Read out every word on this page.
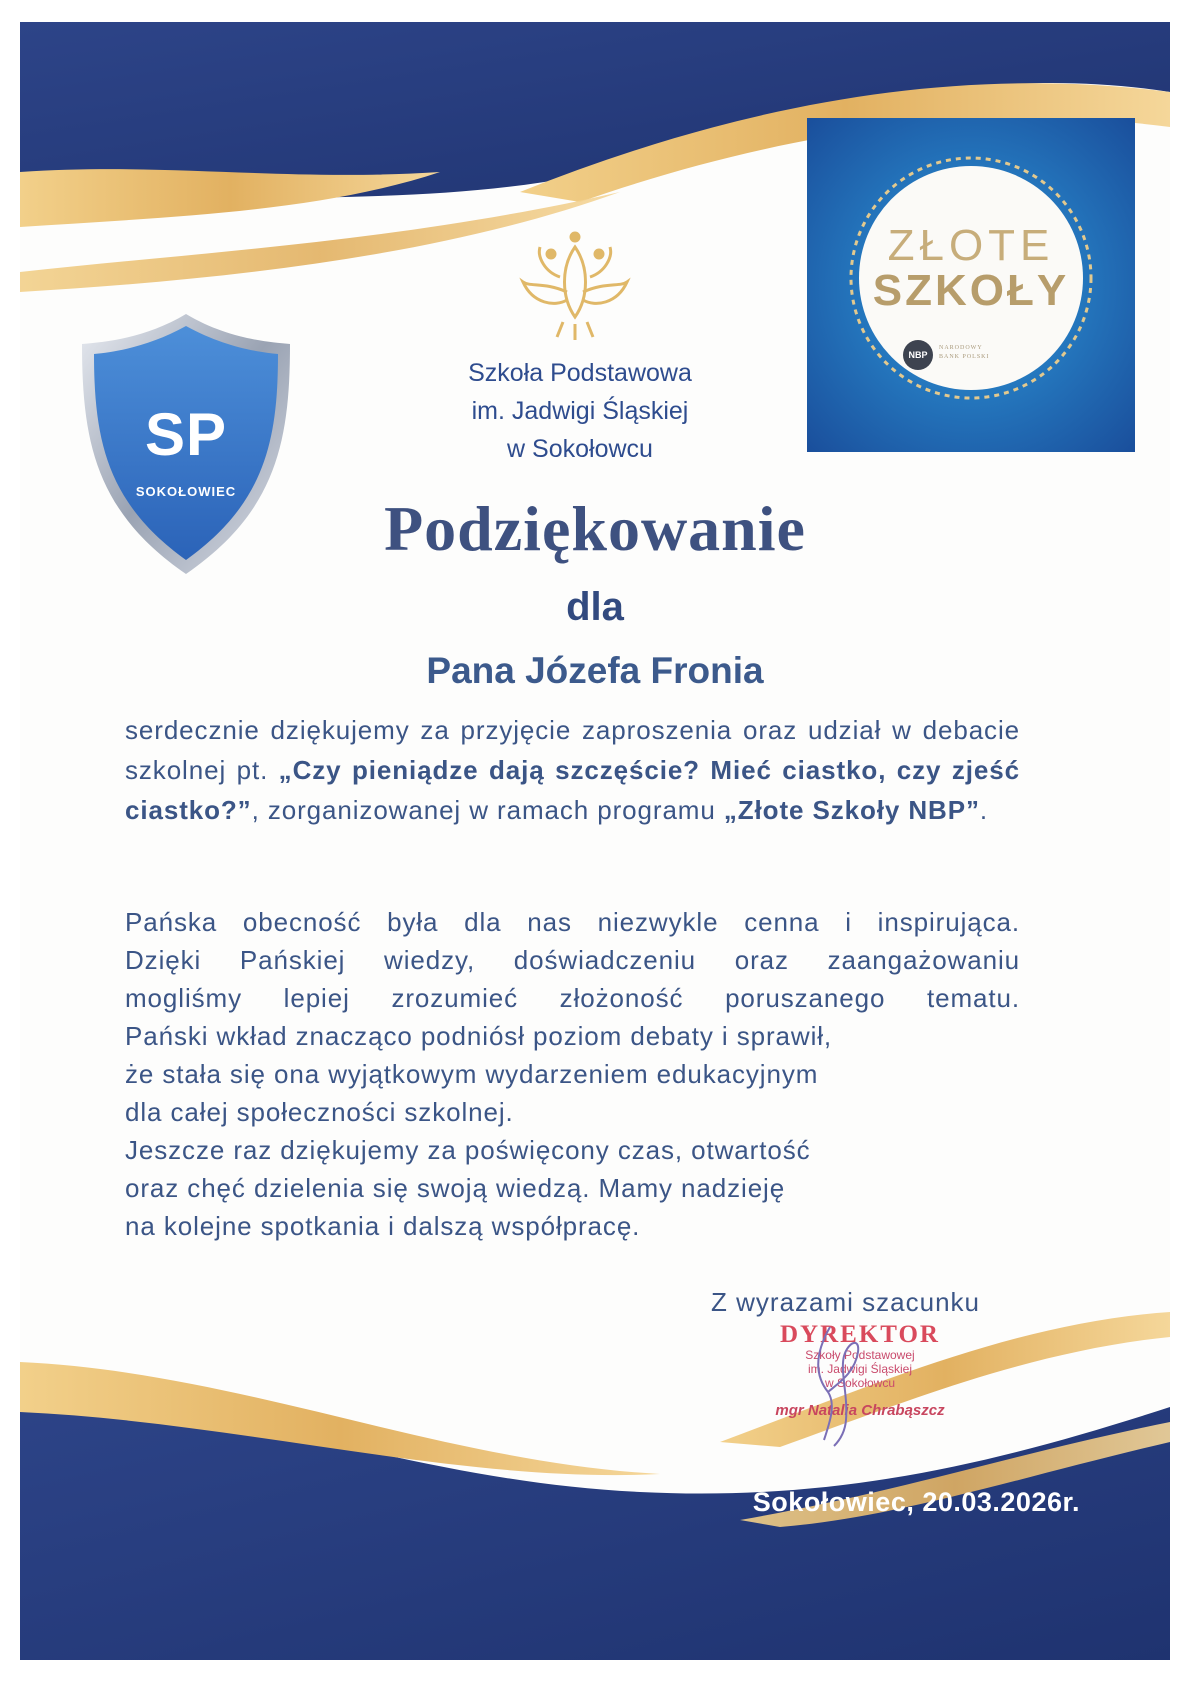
SP
SOKOŁOWIEC
Szkoła Podstawowa
im. Jadwigi Śląskiej
w Sokołowcu
ZŁOTE
SZKOŁY
NBP
NARODOWY
BANK POLSKI
Podziękowanie
dla
Pana Józefa Fronia
serdecznie dziękujemy za przyjęcie zaproszenia oraz udział w debacie szkolnej pt. „Czy pieniądze dają szczęście? Mieć ciastko, czy zjeść ciastko?”, zorganizowanej w ramach programu „Złote Szkoły NBP”.
Pańska obecność była dla nas niezwykle cenna i inspirująca.
Dzięki Pańskiej wiedzy, doświadczeniu oraz zaangażowaniu
mogliśmy lepiej zrozumieć złożoność poruszanego tematu.
Pański wkład znacząco podniósł poziom debaty i sprawił,
że stała się ona wyjątkowym wydarzeniem edukacyjnym
dla całej społeczności szkolnej.
Jeszcze raz dziękujemy za poświęcony czas, otwartość
oraz chęć dzielenia się swoją wiedzą. Mamy nadzieję
na kolejne spotkania i dalszą współpracę.
Z wyrazami szacunku
DYREKTOR
Szkoły Podstawowej
im. Jadwigi Śląskiej
w Sokołowcu
mgr Natalia Chrabąszcz
Sokołowiec, 20.03.2026r.
